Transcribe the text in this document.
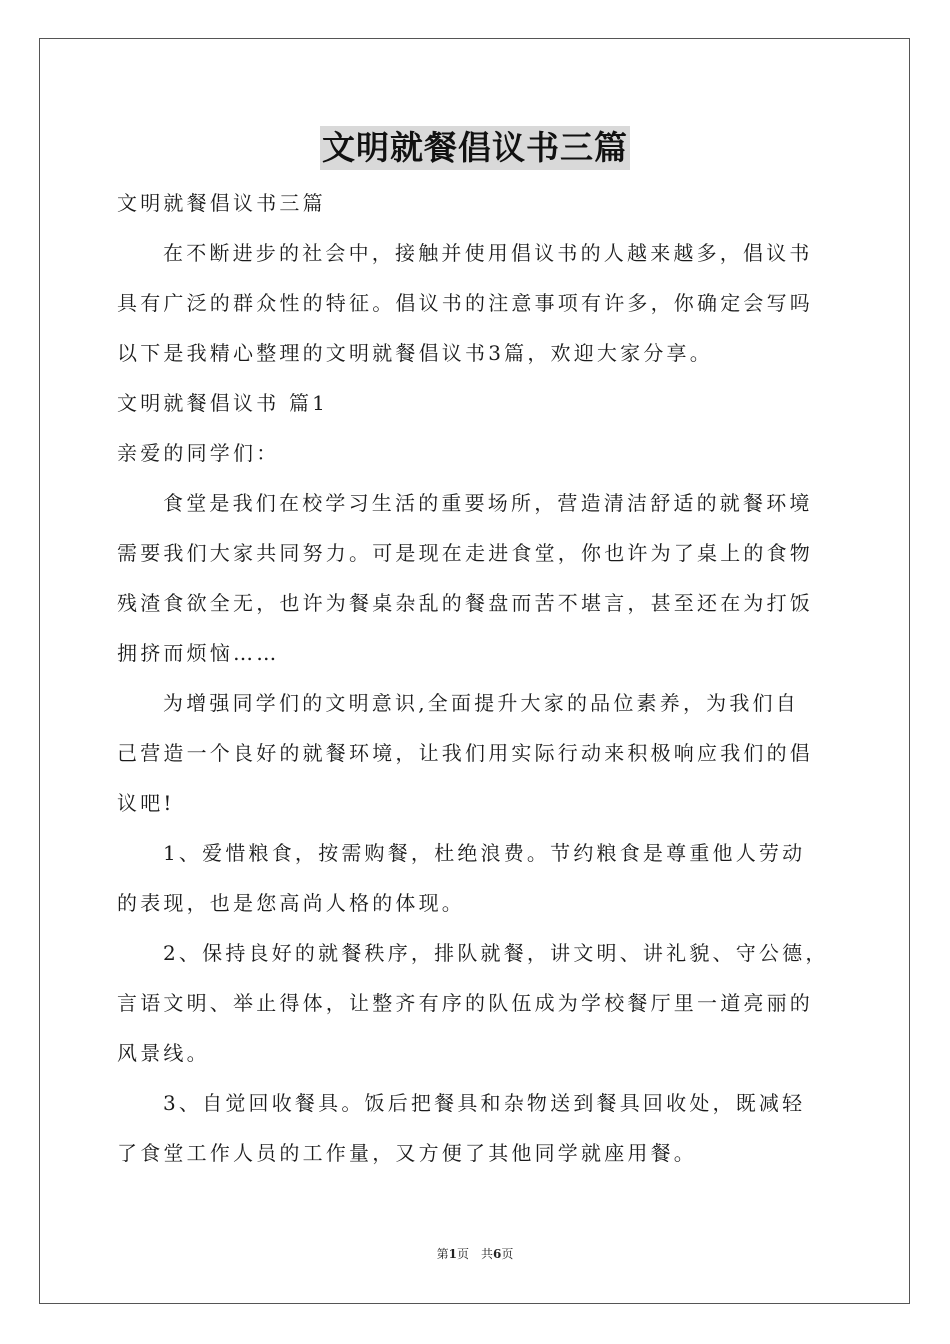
文明就餐倡议书三篇

文明就餐倡议书三篇

在不断进步的社会中，接触并使用倡议书的人越来越多，倡议书

具有广泛的群众性的特征。倡议书的注意事项有许多，你确定会写吗

以下是我精心整理的文明就餐倡议书3篇，欢迎大家分享。

文明就餐倡议书 篇1

亲爱的同学们：

食堂是我们在校学习生活的重要场所，营造清洁舒适的就餐环境

需要我们大家共同努力。可是现在走进食堂，你也许为了桌上的食物

残渣食欲全无，也许为餐桌杂乱的餐盘而苦不堪言，甚至还在为打饭

拥挤而烦恼……

为增强同学们的文明意识,全面提升大家的品位素养，为我们自

己营造一个良好的就餐环境，让我们用实际行动来积极响应我们的倡

议吧!

1、爱惜粮食，按需购餐，杜绝浪费。节约粮食是尊重他人劳动

的表现，也是您高尚人格的体现。

2、保持良好的就餐秩序，排队就餐，讲文明、讲礼貌、守公德，

言语文明、举止得体，让整齐有序的队伍成为学校餐厅里一道亮丽的

风景线。

3、自觉回收餐具。饭后把餐具和杂物送到餐具回收处，既减轻

了食堂工作人员的工作量，又方便了其他同学就座用餐。

第1页 共6页
